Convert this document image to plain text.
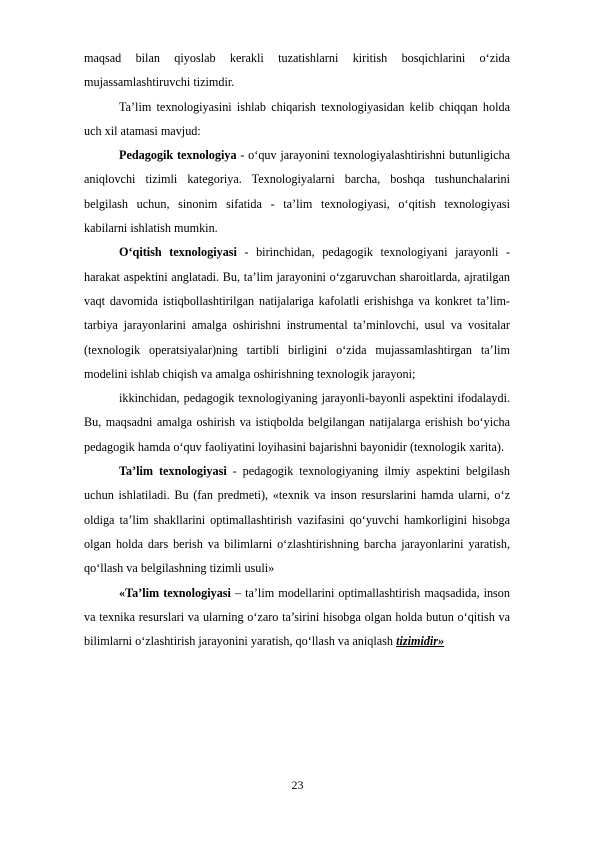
maqsad bilan qiyoslab kerakli tuzatishlarni kiritish bosqichlarini o‘zida mujassamlashtiruvchi tizimdir.

Ta’lim texnologiyasini ishlab chiqarish texnologiyasidan kelib chiqqan holda uch xil atamasi mavjud:

Pedagogik texnologiya - o‘quv jarayonini texnologiyalashtirishni butunligicha aniqlovchi tizimli kategoriya. Texnologiyalarni barcha, boshqa tushunchalarini belgilash uchun, sinonim sifatida - ta’lim texnologiyasi, o‘qitish texnologiyasi kabilarni ishlatish mumkin.

O‘qitish texnologiyasi - birinchidan, pedagogik texnologiyani jarayonli - harakat aspektini anglatadi. Bu, ta’lim jarayonini o‘zgaruvchan sharoitlarda, ajratilgan vaqt davomida istiqbollashtirilgan natijalariga kafolatli erishishga va konkret ta’lim-tarbiya jarayonlarini amalga oshirishni instrumental ta’minlovchi, usul va vositalar (texnologik operatsiyalar)ning tartibli birligini o‘zida mujassamlashtirgan ta’lim modelini ishlab chiqish va amalga oshirishning texnologik jarayoni;

ikkinchidan, pedagogik texnologiyaning jarayonli-bayonli aspektini ifodalaydi. Bu, maqsadni amalga oshirish va istiqbolda belgilangan natijalarga erishish bo‘yicha pedagogik hamda o‘quv faoliyatini loyihasini bajarishni bayonidir (texnologik xarita).

Ta’lim texnologiyasi - pedagogik texnologiyaning ilmiy aspektini belgilash uchun ishlatiladi. Bu (fan predmeti), «texnik va inson resurslarini hamda ularni, o‘z oldiga ta’lim shakllarini optimallashtirish vazifasini qo‘yuvchi hamkorligini hisobga olgan holda dars berish va bilimlarni o‘zlashtirishning barcha jarayonlarini yaratish, qo‘llash va belgilashning tizimli usuli»

«Ta’lim texnologiyasi – ta’lim modellarini optimallashtirish maqsadida, inson va texnika resurslari va ularning o‘zaro ta’sirini hisobga olgan holda butun o‘qitish va bilimlarni o‘zlashtirish jarayonini yaratish, qo‘llash va aniqlash tizimidir»

23
